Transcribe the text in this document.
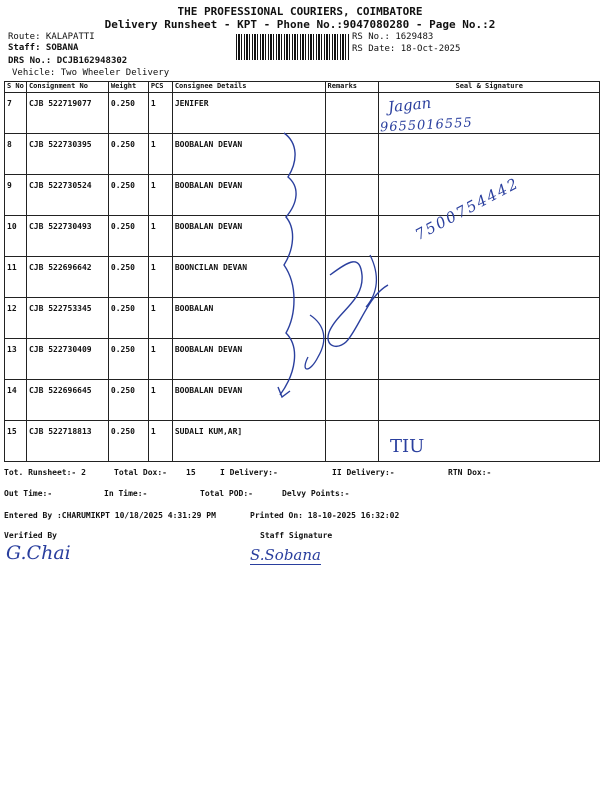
THE PROFESSIONAL COURIERS, COIMBATORE
Delivery Runsheet - KPT - Phone No.:9047080280 - Page No.:2
Route: KALAPATTI
Staff: SOBANA
DRS No.: DCJB162948302
Vehicle: Two Wheeler Delivery
RS No.: 1629483
RS Date: 18-Oct-2025
S No	Consignment No	Weight	PCS	Consignee Details	Remarks	Seal & Signature
7	CJB 522719077	0.250	1	JENIFER		
8	CJB 522730395	0.250	1	BOOBALAN DEVAN		
9	CJB 522730524	0.250	1	BOOBALAN DEVAN		
10	CJB 522730493	0.250	1	BOOBALAN DEVAN		
11	CJB 522696642	0.250	1	BOONCILAN DEVAN		
12	CJB 522753345	0.250	1	BOOBALAN		
13	CJB 522730409	0.250	1	BOOBALAN DEVAN		
14	CJB 522696645	0.250	1	BOOBALAN DEVAN		
15	CJB 522718813	0.250	1	SUDALI KUM,AR]		
Jagan
9655016555
7500754442
TIU
Tot. Runsheet:- 2	Total Dox:- 15	I Delivery:-	II Delivery:-	RTN Dox:-
Out Time:-	In Time:-	Total POD:-	Delvy Points:-
Entered By :CHARUMIKPT 10/18/2025 4:31:29 PM	Printed On: 18-10-2025 16:32:02
Verified By	Staff Signature
G.Chai	S.Sobana
